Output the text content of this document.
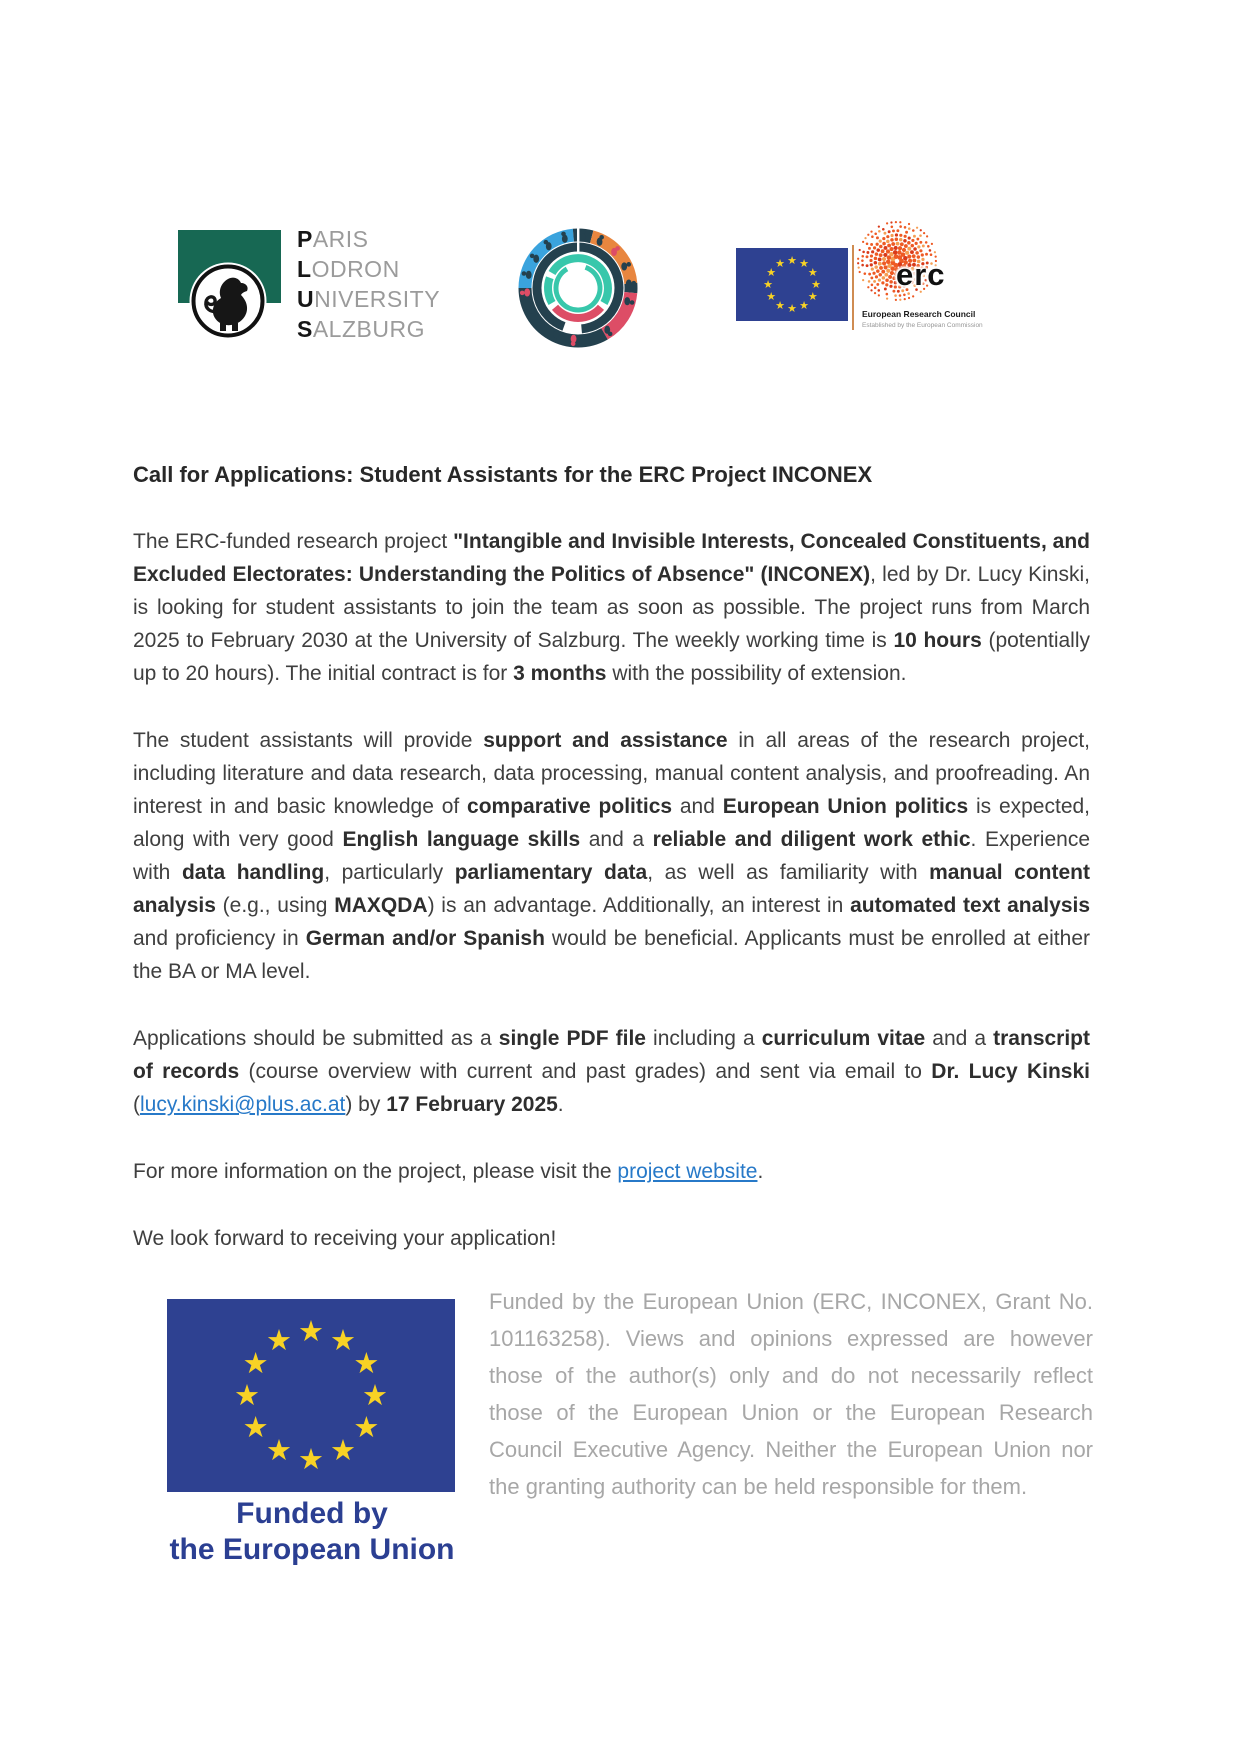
PARIS
LODRON
UNIVERSITY
SALZBURG
★ ★
★
★
★
★
★
★
★
★
★
★	erc
European Research Council
Established by the European Commission
Call for Applications: Student Assistants for the ERC Project INCONEX

The ERC-funded research project "Intangible and Invisible Interests, Concealed Constituents, and Excluded Electorates: Understanding the Politics of Absence" (INCONEX), led by Dr. Lucy Kinski, is looking for student assistants to join the team as soon as possible. The project runs from March 2025 to February 2030 at the University of Salzburg. The weekly working time is 10 hours (potentially up to 20 hours). The initial contract is for 3 months with the possibility of extension.

The student assistants will provide support and assistance in all areas of the research project, including literature and data research, data processing, manual content analysis, and proofreading. An interest in and basic knowledge of comparative politics and European Union politics is expected, along with very good English language skills and a reliable and diligent work ethic. Experience with data handling, particularly parliamentary data, as well as familiarity with manual content analysis (e.g., using MAXQDA) is an advantage. Additionally, an interest in automated text analysis and proficiency in German and/or Spanish would be beneficial. Applicants must be enrolled at either the BA or MA level.

Applications should be submitted as a single PDF file including a curriculum vitae and a transcript of records (course overview with current and past grades) and sent via email to Dr. Lucy Kinski (lucy.kinski@plus.ac.at) by 17 February 2025.

For more information on the project, please visit the project website.

We look forward to receiving your application!

★ ★
★
★
★
★
★
★
★
★
★
★
Funded by
the European Union

Funded by the European Union (ERC, INCONEX, Grant No. 101163258). Views and opinions expressed are however those of the author(s) only and do not necessarily reflect those of the European Union or the European Research Council Executive Agency. Neither the European Union nor the granting authority can be held responsible for them.
